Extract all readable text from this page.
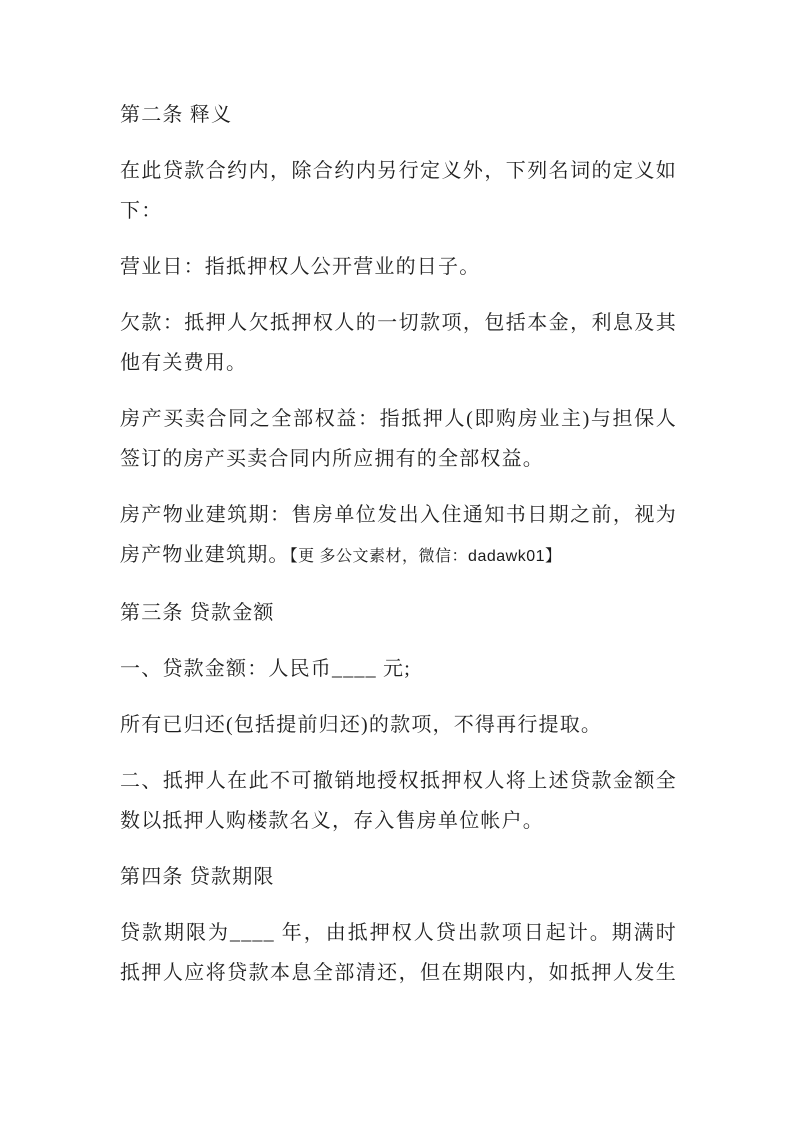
第二条 释义

在此贷款合约内，除合约内另行定义外，下列名词的定义如下：

营业日：指抵押权人公开营业的日子。

欠款：抵押人欠抵押权人的一切款项，包括本金，利息及其他有关费用。

房产买卖合同之全部权益：指抵押人(即购房业主)与担保人签订的房产买卖合同内所应拥有的全部权益。

房产物业建筑期：售房单位发出入住通知书日期之前，视为房产物业建筑期。【更 多公文素材，微信：dadawk01】

第三条 贷款金额

一、贷款金额：人民币____ 元;

所有已归还(包括提前归还)的款项，不得再行提取。

二、抵押人在此不可撤销地授权抵押权人将上述贷款金额全数以抵押人购楼款名义，存入售房单位帐户。

第四条 贷款期限

贷款期限为____ 年，由抵押权人贷出款项日起计。期满时抵押人应将贷款本息全部清还，但在期限内，如抵押人发生
